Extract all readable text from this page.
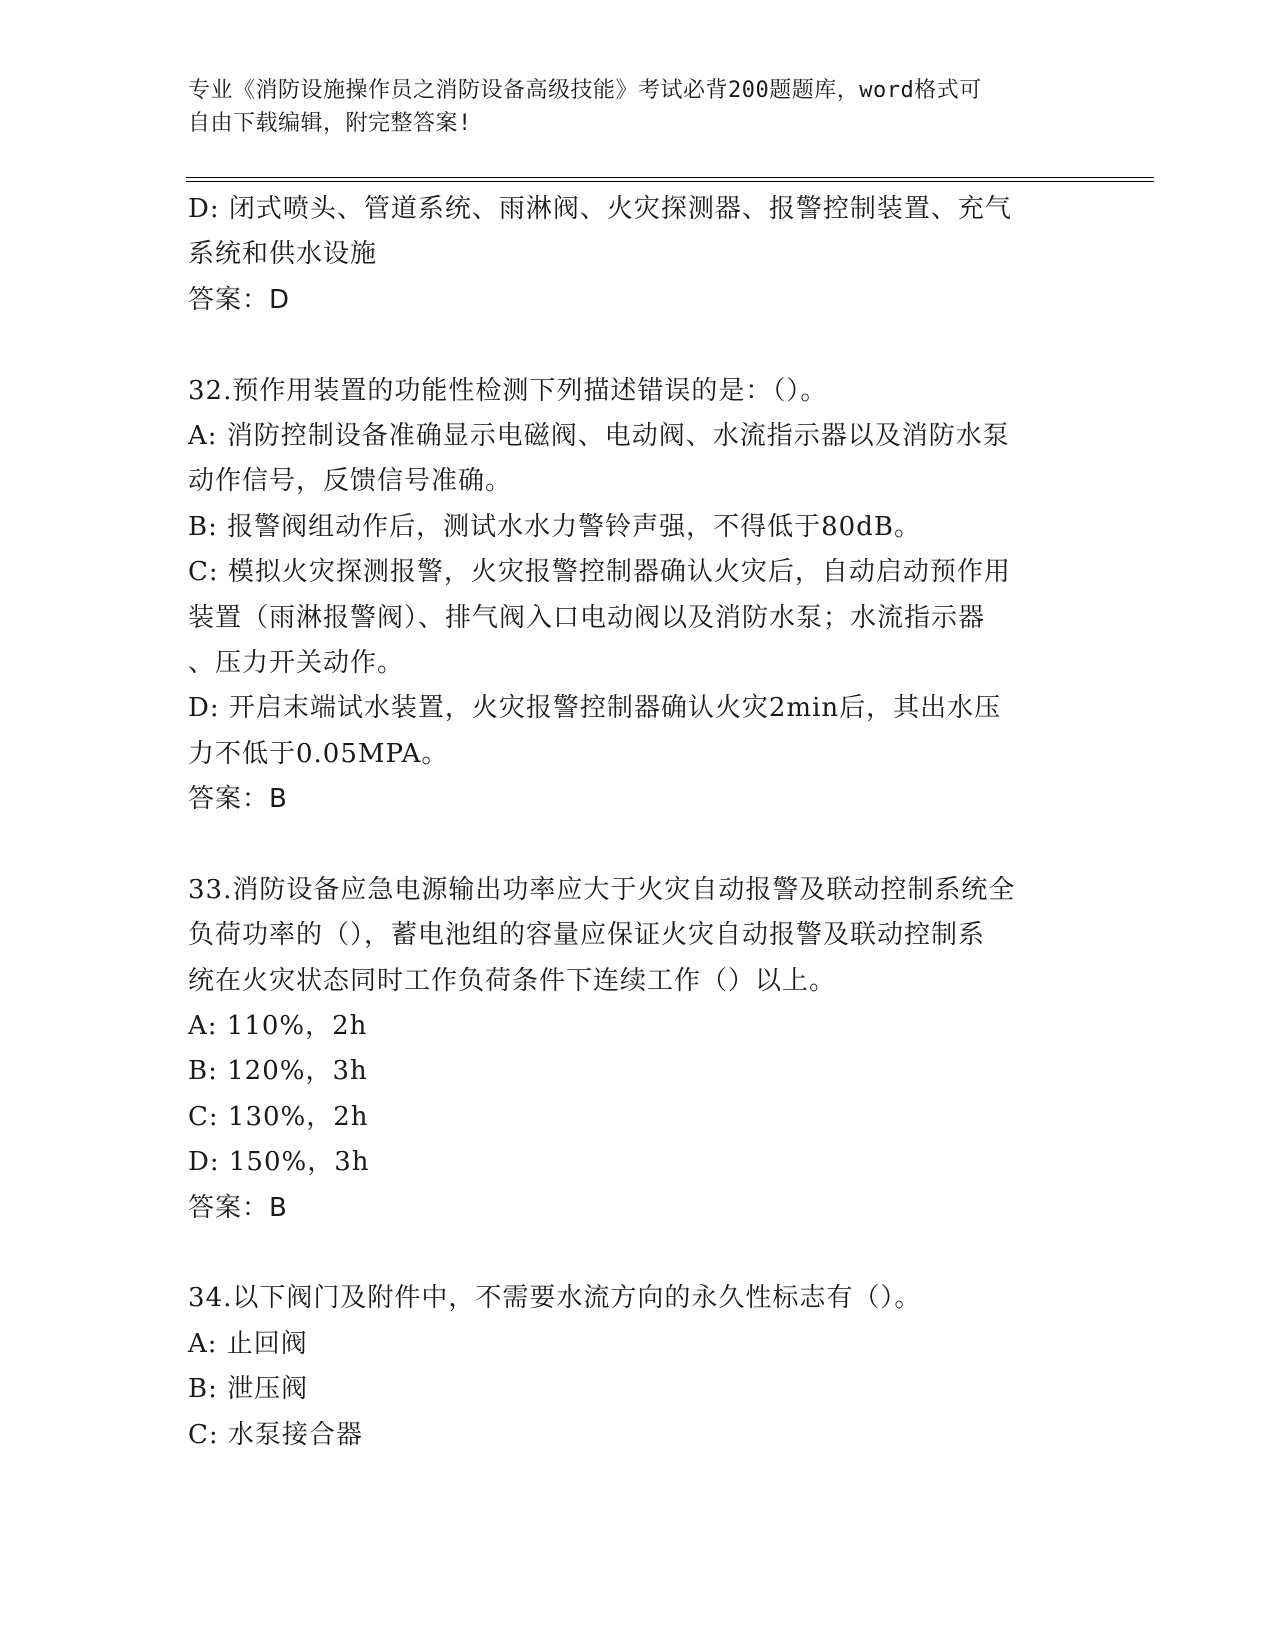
专业《消防设施操作员之消防设备高级技能》考试必背200题题库，word格式可
自由下载编辑，附完整答案!
D: 闭式喷头、管道系统、雨淋阀、火灾探测器、报警控制装置、充气
系统和供水设施
答案：D
32.预作用装置的功能性检测下列描述错误的是：（）。
A: 消防控制设备准确显示电磁阀、电动阀、水流指示器以及消防水泵
动作信号，反馈信号准确。
B: 报警阀组动作后，测试水水力警铃声强，不得低于80dB。
C: 模拟火灾探测报警，火灾报警控制器确认火灾后，自动启动预作用
装置（雨淋报警阀）、排气阀入口电动阀以及消防水泵；水流指示器
、压力开关动作。
D: 开启末端试水装置，火灾报警控制器确认火灾2min后，其出水压
力不低于0.05MPA。
答案：B
33.消防设备应急电源输出功率应大于火灾自动报警及联动控制系统全
负荷功率的（），蓄电池组的容量应保证火灾自动报警及联动控制系
统在火灾状态同时工作负荷条件下连续工作（）以上。
A: 110%，2h
B: 120%，3h
C: 130%，2h
D: 150%，3h
答案：B
34.以下阀门及附件中，不需要水流方向的永久性标志有（）。
A: 止回阀
B: 泄压阀
C: 水泵接合器
